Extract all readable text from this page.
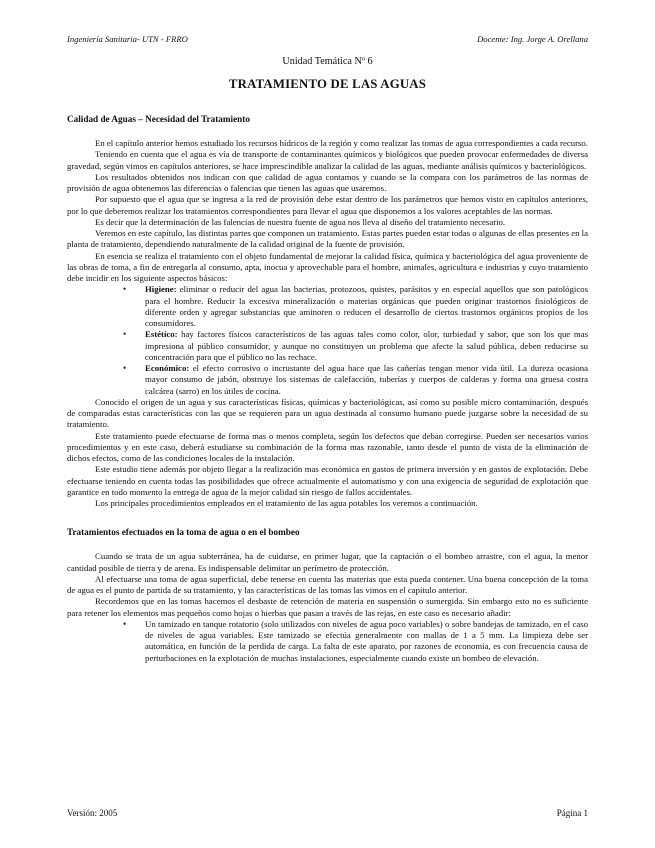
Ingeniería Sanitaria- UTN - FRRO	Docente: Ing. Jorge A. Orellana
Unidad Temática Nº 6
TRATAMIENTO DE LAS AGUAS
Calidad de Aguas – Necesidad del Tratamiento

En el capítulo anterior hemos estudiado los recursos hídricos de la región y como realizar las tomas de agua correspondientes a cada recurso.

Teniendo en cuenta que el agua es vía de transporte de contaminantes químicos y biológicos que pueden provocar enfermedades de diversa gravedad, según vimos en capítulos anteriores, se hace imprescindible analizar la calidad de las aguas, mediante análisis químicos y bacteriológicos.

Los resultados obtenidos nos indican con que calidad de agua contamos y cuando se la compara con los parámetros de las normas de provisión de agua obtenemos las diferencias o falencias que tienen las aguas que usaremos.

Por supuesto que el agua que se ingresa a la red de provisión debe estar dentro de los parámetros que hemos visto en capítulos anteriores, por lo que deberemos realizar los tratamientos correspondientes para llevar el agua que disponemos a los valores aceptables de las normas.

Es decir que la determinación de las falencias de nuestra fuente de agua nos lleva al diseño del tratamiento necesario.

Veremos en este capítulo, las distintas partes que componen un tratamiento. Estas partes pueden estar todas o algunas de ellas presentes en la planta de tratamiento, dependiendo naturalmente de la calidad original de la fuente de provisión.

En esencia se realiza el tratamiento con el objeto fundamental de mejorar la calidad física, química y bacteriológica del agua proveniente de las obras de toma, a fin de entregarla al consumo, apta, inocua y aprovechable para el hombre, animales, agricultura e industrias y cuyo tratamiento debe incidir en los siguiente aspectos básicos:

• Higiene: eliminar o reducir del agua las bacterias, protozoos, quistes, parásitos y en especial aquellos que son patológicos para el hombre. Reducir la excesiva mineralización o materias orgánicas que pueden originar trastornos fisiológicos de diferente orden y agregar substancias que aminoren o reducen el desarrollo de ciertos trastornos orgánicos propios de los consumidores.
• Estético: hay factores físicos característicos de las aguas tales como color, olor, turbiedad y sabor, que son los que mas impresiona al público consumidor, y aunque no constituyen un problema que afecte la salud pública, deben reducirse su concentración para que el público no las rechace.
• Económico: el efecto corrosivo o incrustante del agua hace que las cañerías tengan menor vida útil. La dureza ocasiona mayor consumo de jabón, obstruye los sistemas de calefacción, tuberías y cuerpos de calderas y forma una gruesa costra calcárea (sarro) en los útiles de cocina.

Conocido el origen de un agua y sus características físicas, químicas y bacteriológicas, así como su posible micro contaminación, después de comparadas estas características con las que se requieren para un agua destinada al consumo humano puede juzgarse sobre la necesidad de su tratamiento.

Este tratamiento puede efectuarse de forma mas o menos completa, según los defectos que deban corregirse. Pueden ser necesarios varios procedimientos y en este caso, deberá estudiarse su combinación de la forma mas razonable, tanto desde el punto de vista de la eliminación de dichos efectos, como de las condiciones locales de la instalación.

Este estudio tiene además por objeto llegar a la realización mas económica en gastos de primera inversión y en gastos de explotación. Debe efectuarse teniendo en cuenta todas las posibilidades que ofrece actualmente el automatismo y con una exigencia de seguridad de explotación que garantice en todo momento la entrega de agua de la mejor calidad sin riesgo de fallos accidentales.

Los principales procedimientos empleados en el tratamiento de las agua potables los veremos a continuación.

Tratamientos efectuados en la toma de agua o en el bombeo

Cuando se trata de un agua subterránea, ha de cuidarse, en primer lugar, que la captación o el bombeo arrastre, con el agua, la menor cantidad posible de tierra y de arena. Es indispensable delimitar un perímetro de protección.

Al efectuarse una toma de agua superficial, debe tenerse en cuenta las materias que esta pueda contener. Una buena concepción de la toma de agua es el punto de partida de su tratamiento, y las características de las tomas las vimos en el capítulo anterior.

Recordemos que en las tomas hacemos el desbaste de retención de materia en suspensión o sumergida. Sin embargo esto no es suficiente para retener los elementos mas pequeños como hojas o hierbas que pasan a través de las rejas, en este caso es necesario añadir:

• Un tamizado en tanque rotatorio (solo utilizados con niveles de agua poco variables) o sobre bandejas de tamizado, en el caso de niveles de agua variables. Este tamizado se efectúa generalmente con mallas de 1 a 5 mm. La limpieza debe ser automática, en función de la perdida de carga. La falta de este aparato, por razones de economía, es con frecuencia causa de perturbaciones en la explotación de muchas instalaciones, especialmente cuando existe un bombeo de elevación.
Versión: 2005	Página 1
